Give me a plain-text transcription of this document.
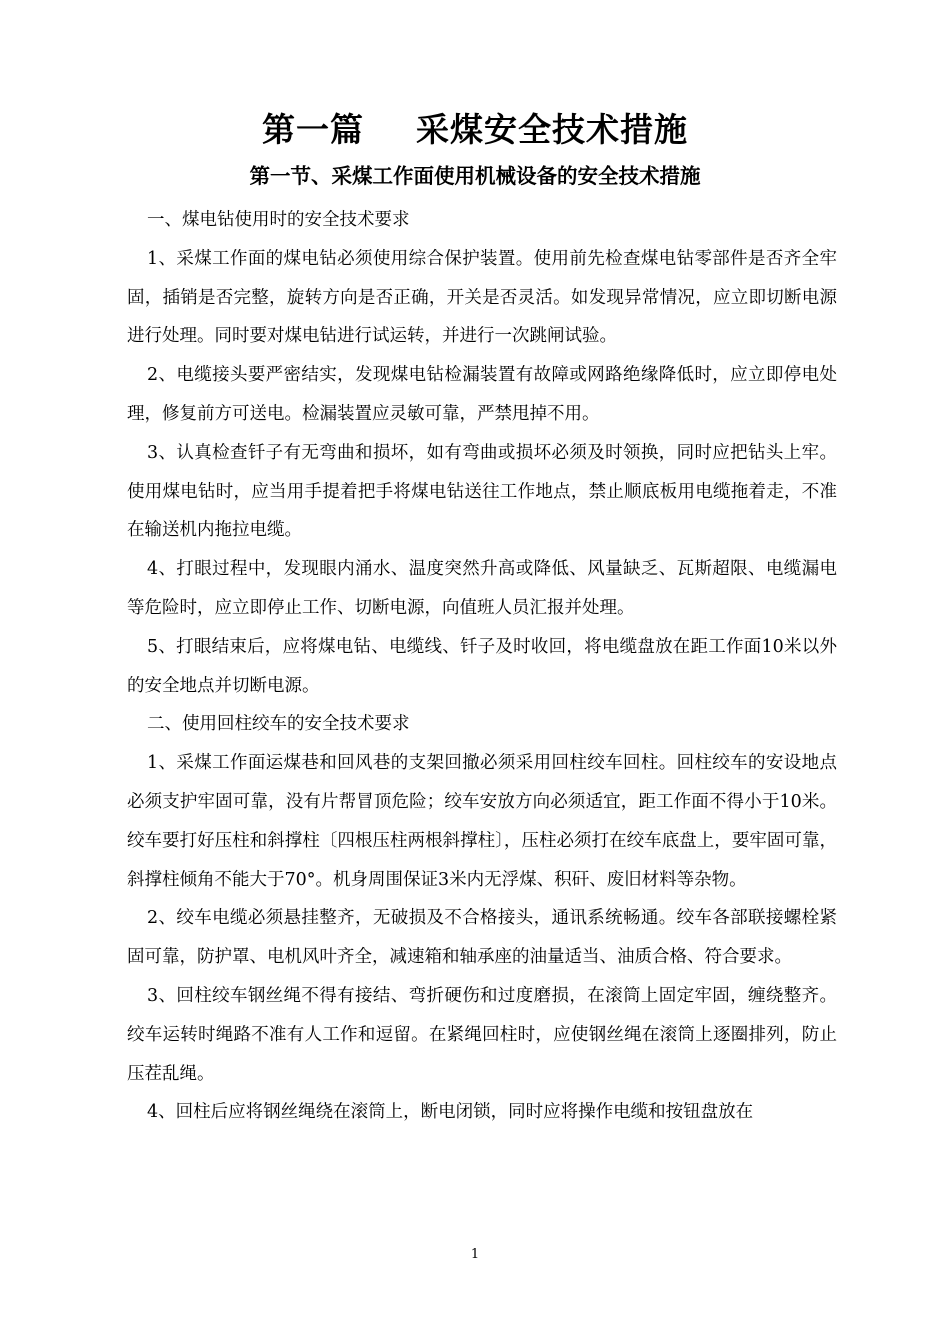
第一篇 采煤安全技术措施
第一节、采煤工作面使用机械设备的安全技术措施

一、煤电钻使用时的安全技术要求

1、采煤工作面的煤电钻必须使用综合保护装置。使用前先检查煤电钻零部件是否齐全牢固，插销是否完整，旋转方向是否正确，开关是否灵活。如发现异常情况，应立即切断电源进行处理。同时要对煤电钻进行试运转，并进行一次跳闸试验。

2、电缆接头要严密结实，发现煤电钻检漏装置有故障或网路绝缘降低时，应立即停电处理，修复前方可送电。检漏装置应灵敏可靠，严禁甩掉不用。

3、认真检查钎子有无弯曲和损坏，如有弯曲或损坏必须及时领换，同时应把钻头上牢。使用煤电钻时，应当用手提着把手将煤电钻送往工作地点，禁止顺底板用电缆拖着走，不准在输送机内拖拉电缆。

4、打眼过程中，发现眼内涌水、温度突然升高或降低、风量缺乏、瓦斯超限、电缆漏电等危险时，应立即停止工作、切断电源，向值班人员汇报并处理。

5、打眼结束后，应将煤电钻、电缆线、钎子及时收回，将电缆盘放在距工作面10米以外的安全地点并切断电源。

二、使用回柱绞车的安全技术要求

1、采煤工作面运煤巷和回风巷的支架回撤必须采用回柱绞车回柱。回柱绞车的安设地点必须支护牢固可靠，没有片帮冒顶危险；绞车安放方向必须适宜，距工作面不得小于10米。绞车要打好压柱和斜撑柱〔四根压柱两根斜撑柱〕，压柱必须打在绞车底盘上，要牢固可靠，斜撑柱倾角不能大于70°。机身周围保证3米内无浮煤、积矸、废旧材料等杂物。

2、绞车电缆必须悬挂整齐，无破损及不合格接头，通讯系统畅通。绞车各部联接螺栓紧固可靠，防护罩、电机风叶齐全，减速箱和轴承座的油量适当、油质合格、符合要求。

3、回柱绞车钢丝绳不得有接结、弯折硬伤和过度磨损，在滚筒上固定牢固，缠绕整齐。绞车运转时绳路不准有人工作和逗留。在紧绳回柱时，应使钢丝绳在滚筒上逐圈排列，防止压茬乱绳。

4、回柱后应将钢丝绳绕在滚筒上，断电闭锁，同时应将操作电缆和按钮盘放在

1
